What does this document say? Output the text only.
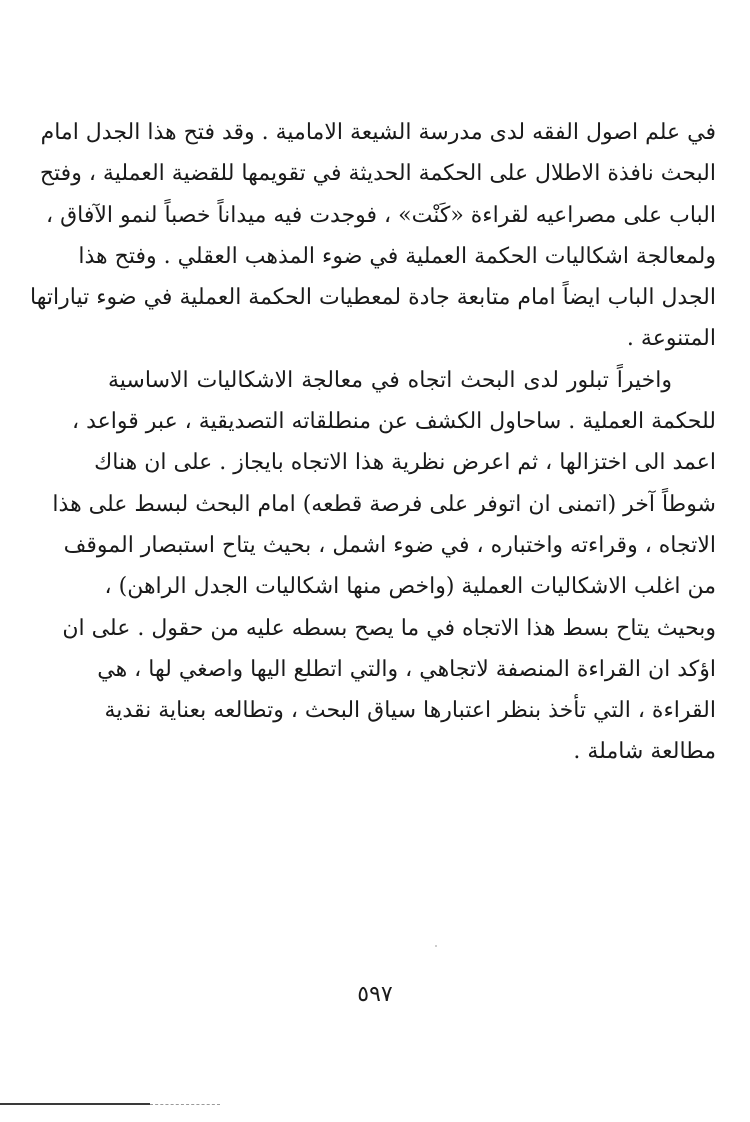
في علم اصول الفقه لدى مدرسة الشيعة الامامية . وقد فتح هذا الجدل امام
البحث نافذة الاطلال على الحكمة الحديثة في تقويمها للقضية العملية ، وفتح
الباب على مصراعيه لقراءة «كَنْت» ، فوجدت فيه ميداناً خصباً لنمو الآفاق ،
ولمعالجة اشكاليات الحكمة العملية في ضوء المذهب العقلي . وفتح هذا
الجدل الباب ايضاً امام متابعة جادة لمعطيات الحكمة العملية في ضوء تياراتها
المتنوعة .
واخيراً تبلور لدى البحث اتجاه في معالجة الاشكاليات الاساسية
للحكمة العملية . ساحاول الكشف عن منطلقاته التصديقية ، عبر قواعد ،
اعمد الى اختزالها ، ثم اعرض نظرية هذا الاتجاه بايجاز . على ان هناك
شوطاً آخر (اتمنى ان اتوفر على فرصة قطعه) امام البحث لبسط على هذا
الاتجاه ، وقراءته واختباره ، في ضوء اشمل ، بحيث يتاح استبصار الموقف
من اغلب الاشكاليات العملية (واخص منها اشكاليات الجدل الراهن) ،
وبحيث يتاح بسط هذا الاتجاه في ما يصح بسطه عليه من حقول . على ان
اؤكد ان القراءة المنصفة لاتجاهي ، والتي اتطلع اليها واصغي لها ، هي
القراءة ، التي تأخذ بنظر اعتبارها سياق البحث ، وتطالعه بعناية نقدية
مطالعة شاملة .
٥٩٧
